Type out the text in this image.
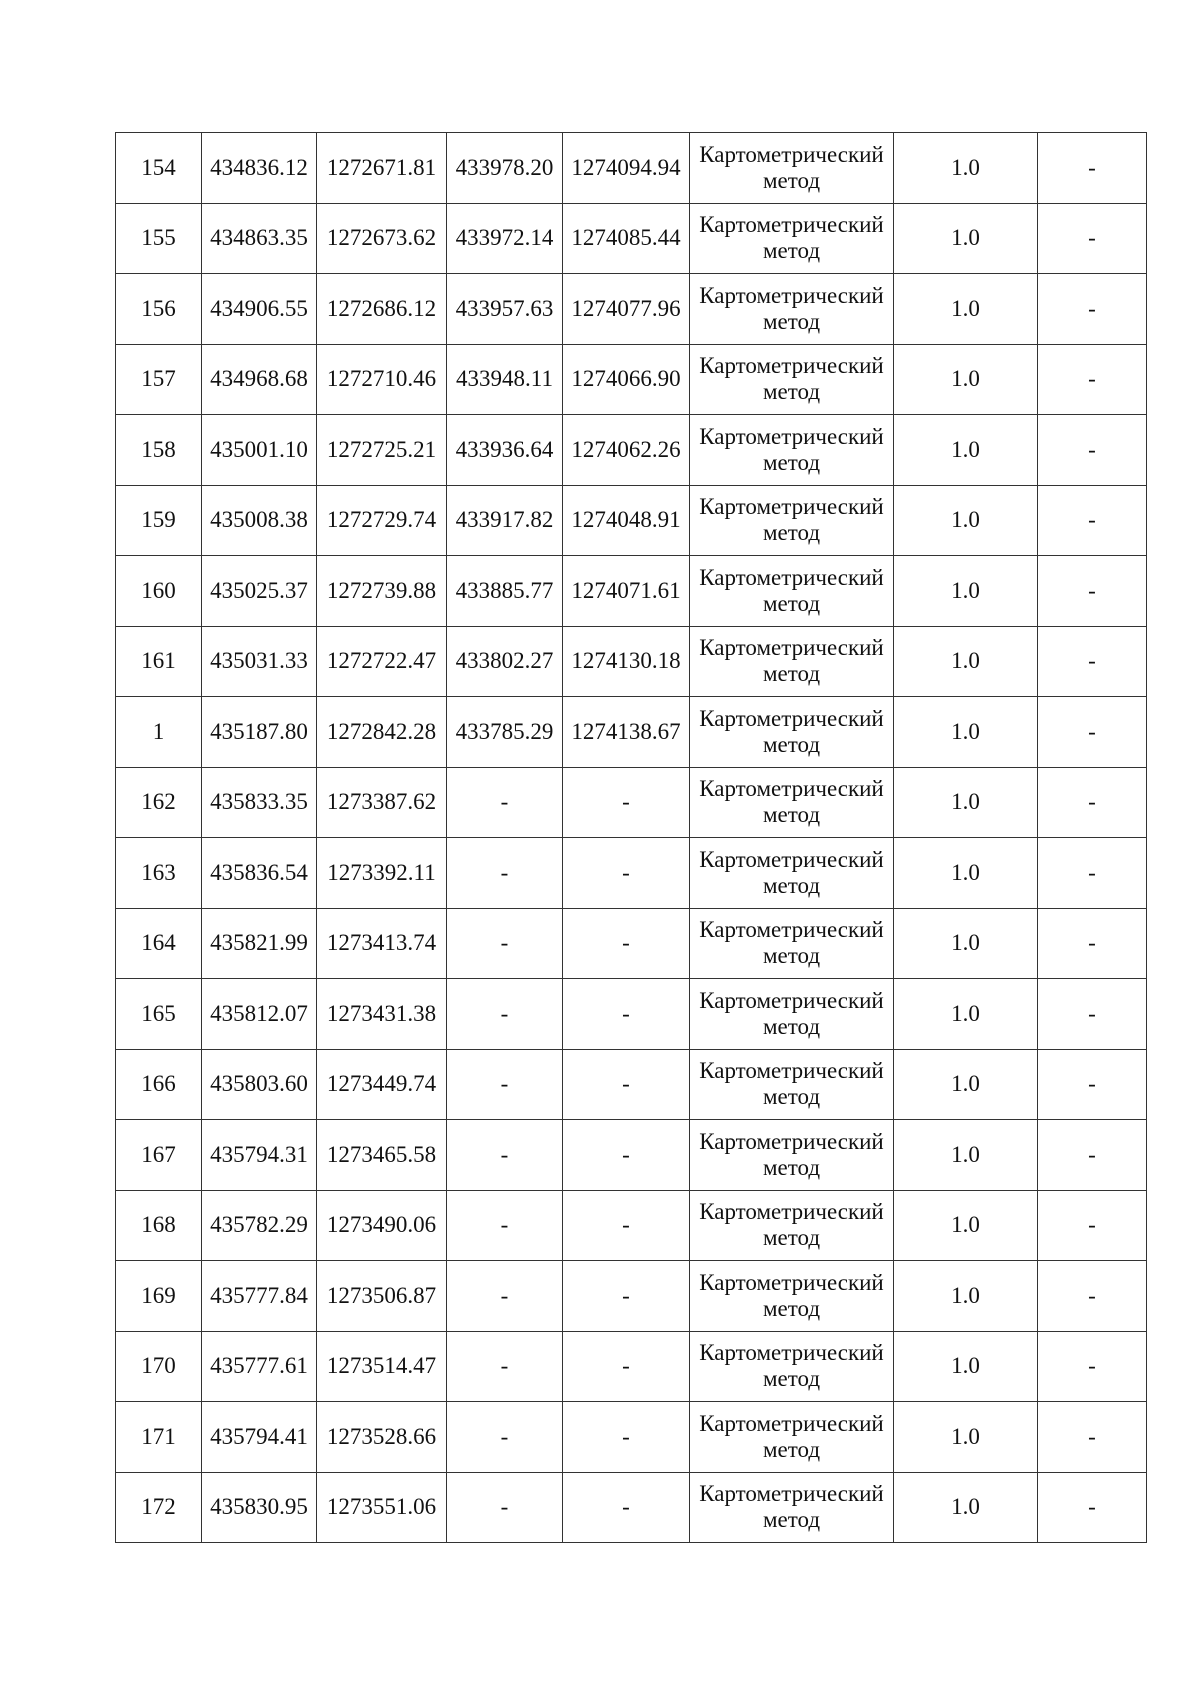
154	434836.12	1272671.81	433978.20	1274094.94	Картометрический
метод	1.0	-
155	434863.35	1272673.62	433972.14	1274085.44	Картометрический
метод	1.0	-
156	434906.55	1272686.12	433957.63	1274077.96	Картометрический
метод	1.0	-
157	434968.68	1272710.46	433948.11	1274066.90	Картометрический
метод	1.0	-
158	435001.10	1272725.21	433936.64	1274062.26	Картометрический
метод	1.0	-
159	435008.38	1272729.74	433917.82	1274048.91	Картометрический
метод	1.0	-
160	435025.37	1272739.88	433885.77	1274071.61	Картометрический
метод	1.0	-
161	435031.33	1272722.47	433802.27	1274130.18	Картометрический
метод	1.0	-
1	435187.80	1272842.28	433785.29	1274138.67	Картометрический
метод	1.0	-
162	435833.35	1273387.62	-	-	Картометрический
метод	1.0	-
163	435836.54	1273392.11	-	-	Картометрический
метод	1.0	-
164	435821.99	1273413.74	-	-	Картометрический
метод	1.0	-
165	435812.07	1273431.38	-	-	Картометрический
метод	1.0	-
166	435803.60	1273449.74	-	-	Картометрический
метод	1.0	-
167	435794.31	1273465.58	-	-	Картометрический
метод	1.0	-
168	435782.29	1273490.06	-	-	Картометрический
метод	1.0	-
169	435777.84	1273506.87	-	-	Картометрический
метод	1.0	-
170	435777.61	1273514.47	-	-	Картометрический
метод	1.0	-
171	435794.41	1273528.66	-	-	Картометрический
метод	1.0	-
172	435830.95	1273551.06	-	-	Картометрический
метод	1.0	-
